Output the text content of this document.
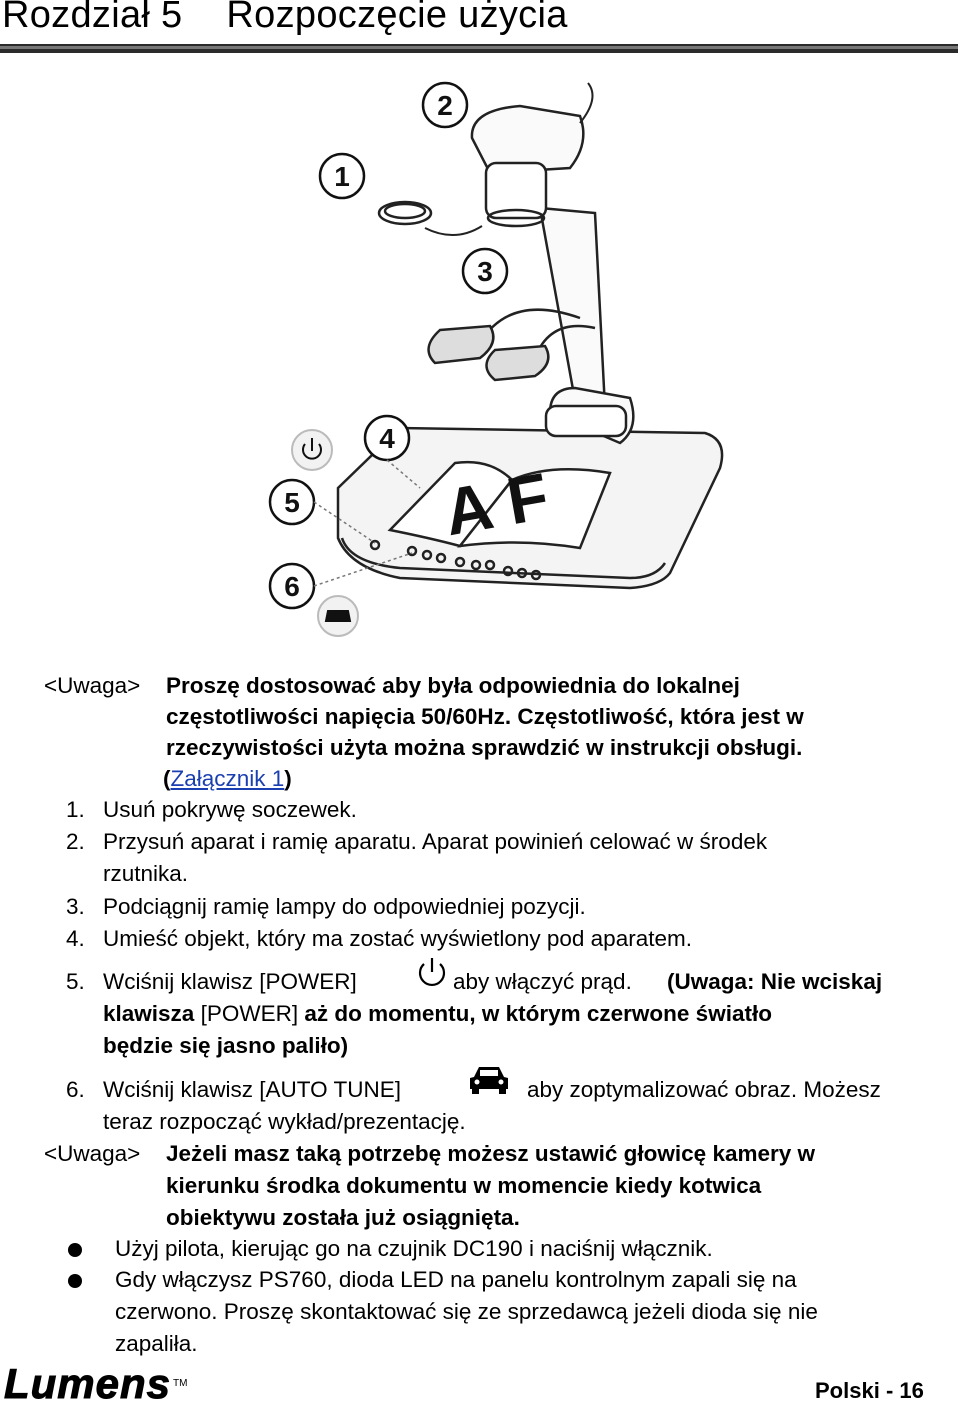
Rozdział 5 Rozpoczęcie użycia
A F
1
2
3
4
5
6
<Uwaga> Proszę dostosować aby była odpowiednia do lokalnej
częstotliwości napięcia 50/60Hz. Częstotliwość, która jest w
rzeczywistości użyta można sprawdzić w instrukcji obsługi.
(Załącznik 1)
1. Usuń pokrywę soczewek.
2. Przysuń aparat i ramię aparatu. Aparat powinień celować w środek
rzutnika.
3. Podciągnij ramię lampy do odpowiedniej pozycji.
4. Umieść objekt, który ma zostać wyświetlony pod aparatem.
5. Wciśnij klawisz [POWER]	aby włączyć prąd. (Uwaga: Nie wciskaj
klawisza [POWER] aż do momentu, w którym czerwone światło
będzie się jasno paliło)
6. Wciśnij klawisz [AUTO TUNE]	aby zoptymalizować obraz. Możesz
teraz rozpocząć wykład/prezentację.
<Uwaga> Jeżeli masz taką potrzebę możesz ustawić głowicę kamery w
kierunku środka dokumentu w momencie kiedy kotwica
obiektywu została już osiągnięta.
Użyj pilota, kierując go na czujnik DC190 i naciśnij włącznik.
Gdy włączysz PS760, dioda LED na panelu kontrolnym zapali się na
czerwono. Proszę skontaktować się ze sprzedawcą jeżeli dioda się nie
zapaliła.
Lumens ™	Polski - 16
